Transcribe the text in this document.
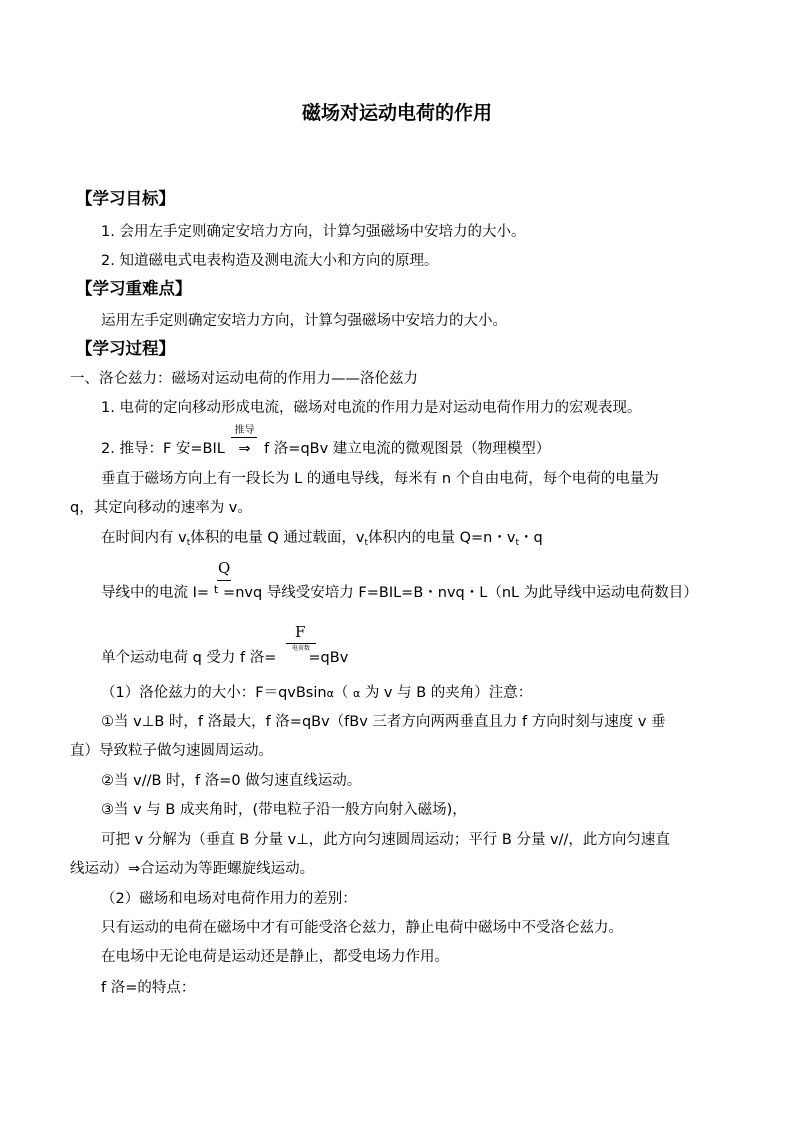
磁场对运动电荷的作用
【学习目标】
1. 会用左手定则确定安培力方向，计算匀强磁场中安培力的大小。
2. 知道磁电式电表构造及测电流大小和方向的原理。
【学习重难点】
运用左手定则确定安培力方向，计算匀强磁场中安培力的大小。
【学习过程】
一、洛仑兹力：磁场对运动电荷的作用力——洛伦兹力
1. 电荷的定向移动形成电流，磁场对电流的作用力是对运动电荷作用力的宏观表现。
2. 推导：F 安=BIL
推导
⇒ f 洛=qBv 建立电流的微观图景（物理模型）
垂直于磁场方向上有一段长为 L 的通电导线，每米有 n 个自由电荷，每个电荷的电量为
q，其定向移动的速率为 v。
在时间内有 $v_t$体积的电量 Q 通过载面，$v_t$体积内的电量 Q=n・$v_t$・q
Q
导线中的电流 I= t =nvq 导线受安培力 F=BIL=B・nvq・L（nL 为此导线中运动电荷数目）
F
电荷数
单个运动电荷 q 受力 f 洛= =qBv
（1）洛伦兹力的大小：F＝qvBsinα（ α 为 v 与 B 的夹角）注意：
①当 v⊥B 时，f 洛最大，f 洛=qBv（fBv 三者方向两两垂直且力 f 方向时刻与速度 v 垂
直）导致粒子做匀速圆周运动。
②当 v//B 时，f 洛=0 做匀速直线运动。
③当 v 与 B 成夹角时，(带电粒子沿一般方向射入磁场)，
可把 v 分解为（垂直 B 分量 v⊥，此方向匀速圆周运动；平行 B 分量 v//，此方向匀速直
线运动）⇒合运动为等距螺旋线运动。
（2）磁场和电场对电荷作用力的差别：
只有运动的电荷在磁场中才有可能受洛仑兹力，静止电荷中磁场中不受洛仑兹力。
在电场中无论电荷是运动还是静止，都受电场力作用。
f 洛=的特点：
